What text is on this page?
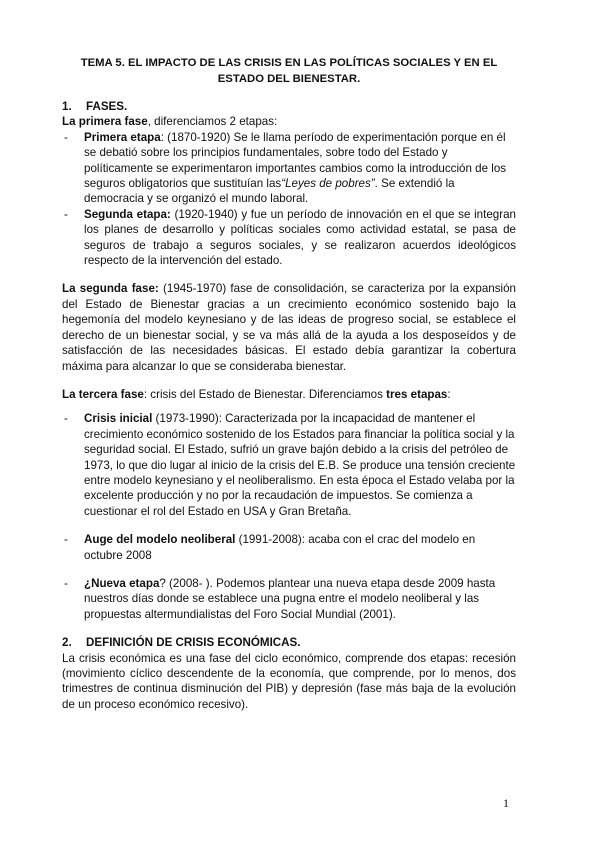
TEMA 5. EL IMPACTO DE LAS CRISIS EN LAS POLÍTICAS SOCIALES Y EN EL ESTADO DEL BIENESTAR.

1. FASES.

La primera fase, diferenciamos 2 etapas:

- Primera etapa: (1870-1920) Se le llama período de experimentación porque en él se debatió sobre los principios fundamentales, sobre todo del Estado y políticamente se experimentaron importantes cambios como la introducción de los seguros obligatorios que sustituían las“Leyes de pobres”. Se extendió la democracia y se organizó el mundo laboral.
- Segunda etapa: (1920-1940) y fue un período de innovación en el que se integran los planes de desarrollo y políticas sociales como actividad estatal, se pasa de seguros de trabajo a seguros sociales, y se realizaron acuerdos ideológicos respecto de la intervención del estado.

La segunda fase: (1945-1970) fase de consolidación, se caracteriza por la expansión del Estado de Bienestar gracias a un crecimiento económico sostenido bajo la hegemonía del modelo keynesiano y de las ideas de progreso social, se establece el derecho de un bienestar social, y se va más allá de la ayuda a los desposeídos y de satisfacción de las necesidades básicas. El estado debía garantizar la cobertura máxima para alcanzar lo que se consideraba bienestar.

La tercera fase: crisis del Estado de Bienestar. Diferenciamos tres etapas:

- Crisis inicial (1973-1990): Caracterizada por la incapacidad de mantener el crecimiento económico sostenido de los Estados para financiar la política social y la seguridad social. El Estado, sufrió un grave bajón debido a la crisis del petróleo de 1973, lo que dio lugar al inicio de la crisis del E.B. Se produce una tensión creciente entre modelo keynesiano y el neoliberalismo. En esta época el Estado velaba por la excelente producción y no por la recaudación de impuestos. Se comienza a cuestionar el rol del Estado en USA y Gran Bretaña.
- Auge del modelo neoliberal (1991-2008): acaba con el crac del modelo en octubre 2008
- ¿Nueva etapa? (2008- ). Podemos plantear una nueva etapa desde 2009 hasta nuestros días donde se establece una pugna entre el modelo neoliberal y las propuestas altermundialistas del Foro Social Mundial (2001).

2. DEFINICIÓN DE CRISIS ECONÓMICAS.

La crisis económica es una fase del ciclo económico, comprende dos etapas: recesión (movimiento cíclico descendente de la economía, que comprende, por lo menos, dos trimestres de continua disminución del PIB) y depresión (fase más baja de la evolución de un proceso económico recesivo).

1
